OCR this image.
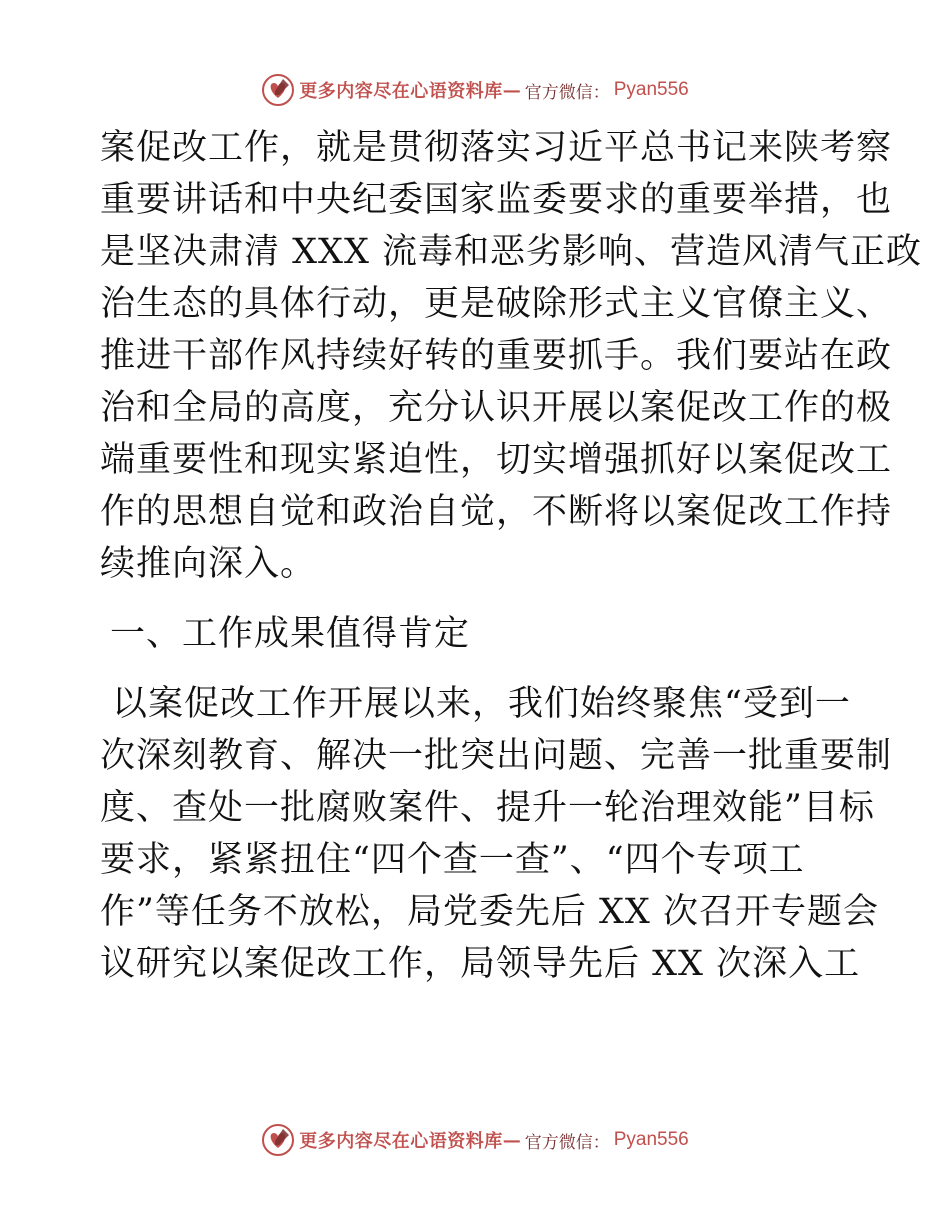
更多内容尽在心语资料库 — 官方微信： Pyan556
案促改工作，就是贯彻落实习近平总书记来陕考察
重要讲话和中央纪委国家监委要求的重要举措，也
是坚决肃清 XXX 流毒和恶劣影响、营造风清气正政
治生态的具体行动，更是破除形式主义官僚主义、
推进干部作风持续好转的重要抓手。我们要站在政
治和全局的高度，充分认识开展以案促改工作的极
端重要性和现实紧迫性，切实增强抓好以案促改工
作的思想自觉和政治自觉，不断将以案促改工作持
续推向深入。
一、工作成果值得肯定
以案促改工作开展以来，我们始终聚焦“受到一
次深刻教育、解决一批突出问题、完善一批重要制
度、查处一批腐败案件、提升一轮治理效能”目标
要求，紧紧扭住“四个查一查”、“四个专项工
作”等任务不放松，局党委先后 XX 次召开专题会
议研究以案促改工作，局领导先后 XX 次深入工
更多内容尽在心语资料库 — 官方微信： Pyan556
